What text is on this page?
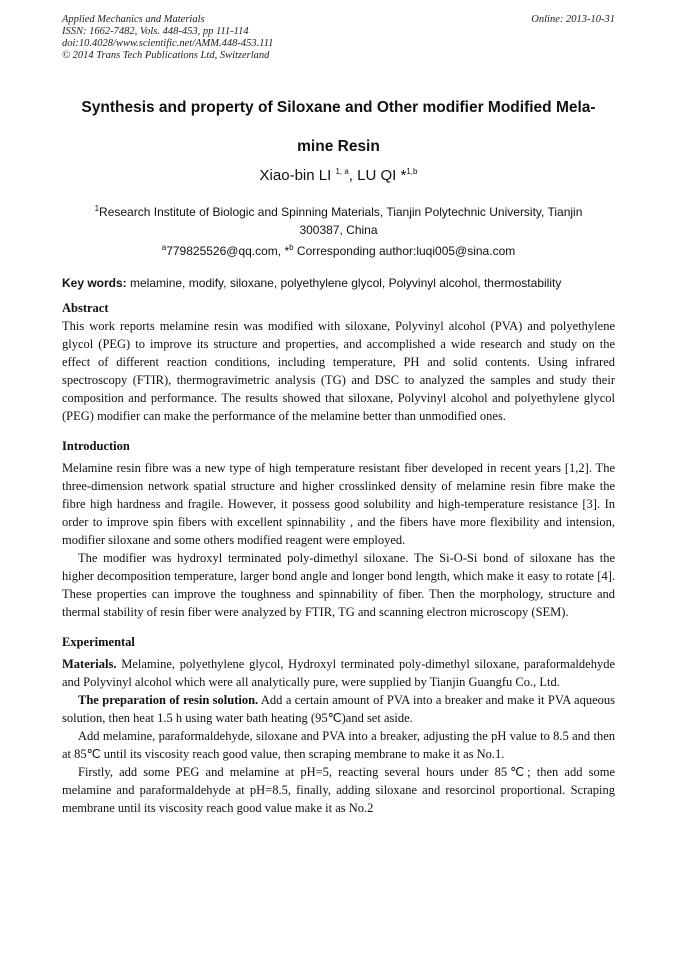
Applied Mechanics and Materials
ISSN: 1662-7482, Vols. 448-453, pp 111-114
doi:10.4028/www.scientific.net/AMM.448-453.111
© 2014 Trans Tech Publications Ltd, Switzerland
Online: 2013-10-31
Synthesis and property of Siloxane and Other modifier Modified Mela-
mine Resin

Xiao-bin LI $^{1, a}$, LU QI *$^{1,b}$

$^1$Research Institute of Biologic and Spinning Materials, Tianjin Polytechnic University, Tianjin
300387, China

$^a$779825526@qq.com, *$^b$ Corresponding author:luqi005@sina.com

Key words: melamine, modify, siloxane, polyethylene glycol, Polyvinyl alcohol, thermostability

Abstract

This work reports melamine resin was modified with siloxane, Polyvinyl alcohol (PVA) and polyethylene glycol (PEG) to improve its structure and properties, and accomplished a wide research and study on the effect of different reaction conditions, including temperature, PH and solid contents. Using infrared spectroscopy (FTIR), thermogravimetric analysis (TG) and DSC to analyzed the samples and study their composition and performance. The results showed that siloxane, Polyvinyl alcohol and polyethylene glycol (PEG) modifier can make the performance of the melamine better than unmodified ones.

Introduction

Melamine resin fibre was a new type of high temperature resistant fiber developed in recent years [1,2]. The three-dimension network spatial structure and higher crosslinked density of melamine resin fibre make the fibre high hardness and fragile. However, it possess good solubility and high-temperature resistance [3]. In order to improve spin fibers with excellent spinnability , and the fibers have more flexibility and intension, modifier siloxane and some others modified reagent were employed.

The modifier was hydroxyl terminated poly-dimethyl siloxane. The Si-O-Si bond of siloxane has the higher decomposition temperature, larger bond angle and longer bond length, which make it easy to rotate [4]. These properties can improve the toughness and spinnability of fiber. Then the morphology, structure and thermal stability of resin fiber were analyzed by FTIR, TG and scanning electron microscopy (SEM).

Experimental

Materials. Melamine, polyethylene glycol, Hydroxyl terminated poly-dimethyl siloxane, paraformaldehyde and Polyvinyl alcohol which were all analytically pure, were supplied by Tianjin Guangfu Co., Ltd.

The preparation of resin solution. Add a certain amount of PVA into a breaker and make it PVA aqueous solution, then heat 1.5 h using water bath heating (95℃)and set aside.

Add melamine, paraformaldehyde, siloxane and PVA into a breaker, adjusting the pH value to 8.5 and then at 85℃ until its viscosity reach good value, then scraping membrane to make it as No.1.

Firstly, add some PEG and melamine at pH=5, reacting several hours under 85℃; then add some melamine and paraformaldehyde at pH=8.5, finally, adding siloxane and resorcinol proportional. Scraping membrane until its viscosity reach good value make it as No.2
